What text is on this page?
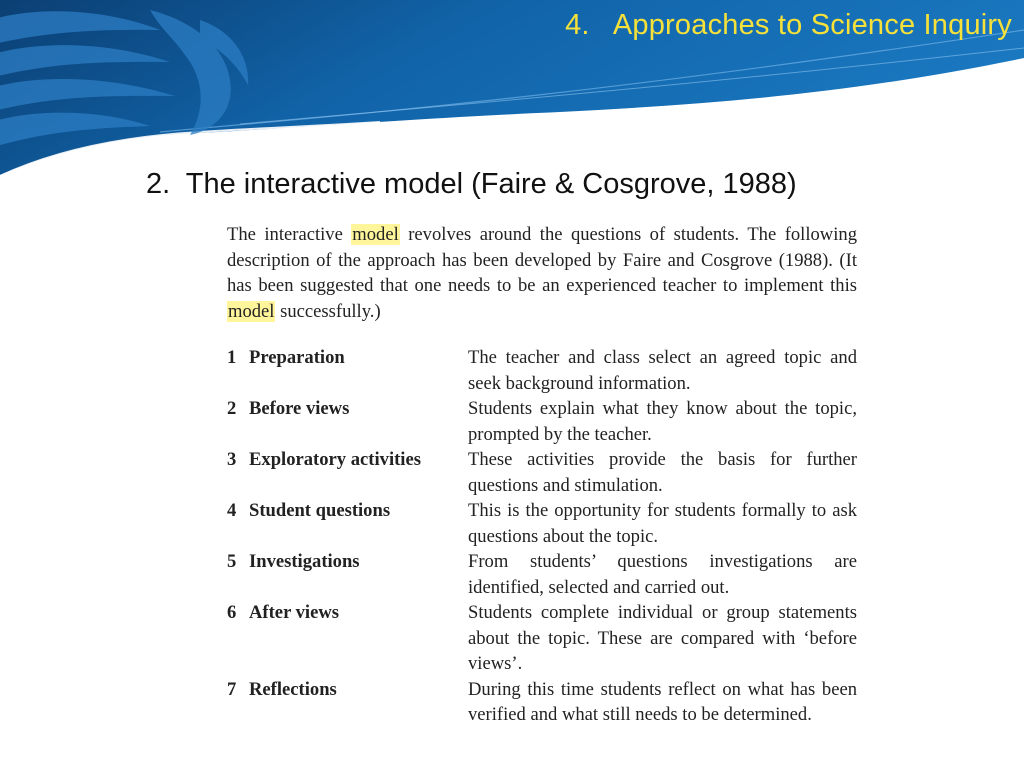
4.   Approaches to Science Inquiry
2.  The interactive model (Faire & Cosgrove, 1988)
The interactive model revolves around the questions of students. The following description of the approach has been developed by Faire and Cosgrove (1988). (It has been suggested that one needs to be an experienced teacher to implement this model successfully.)
1 Preparation	The teacher and class select an agreed topic and seek background information.
2 Before views	Students explain what they know about the topic, prompted by the teacher.
3 Exploratory activities	These activities provide the basis for further questions and stimulation.
4 Student questions	This is the opportunity for students formally to ask questions about the topic.
5 Investigations	From students’ questions investigations are identified, selected and carried out.
6 After views	Students complete individual or group statements about the topic. These are compared with ‘before views’.
7 Reflections	During this time students reflect on what has been verified and what still needs to be determined.
